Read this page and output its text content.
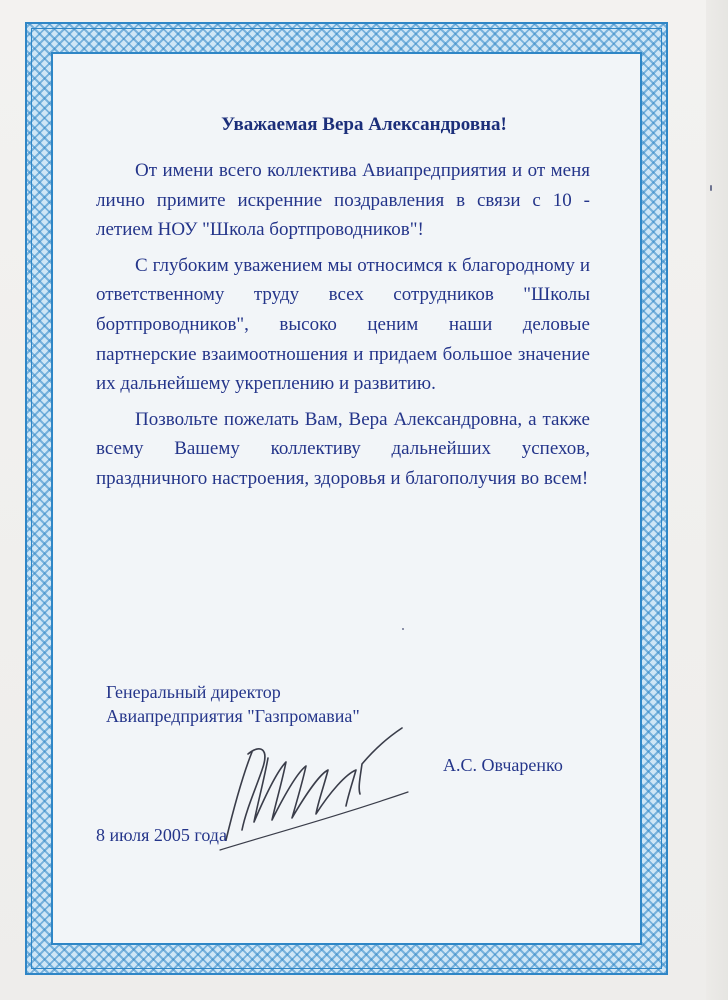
Уважаемая Вера Александровна!

От имени всего коллектива Авиапредприятия и от меня лично примите искренние поздравления в связи с 10 - летием НОУ "Школа бортпроводников"!

С глубоким уважением мы относимся к благородному и ответственному труду всех сотрудников "Школы бортпроводников", высоко ценим наши деловые партнерские взаимоотношения и придаем большое значение их дальнейшему укреплению и развитию.

Позвольте пожелать Вам, Вера Александровна, а также всему Вашему коллективу дальнейших успехов, праздничного настроения, здоровья и благополучия во всем!

Генеральный директор
Авиапредприятия "Газпромавиа"
А.С. Овчаренко
8 июля 2005 года
